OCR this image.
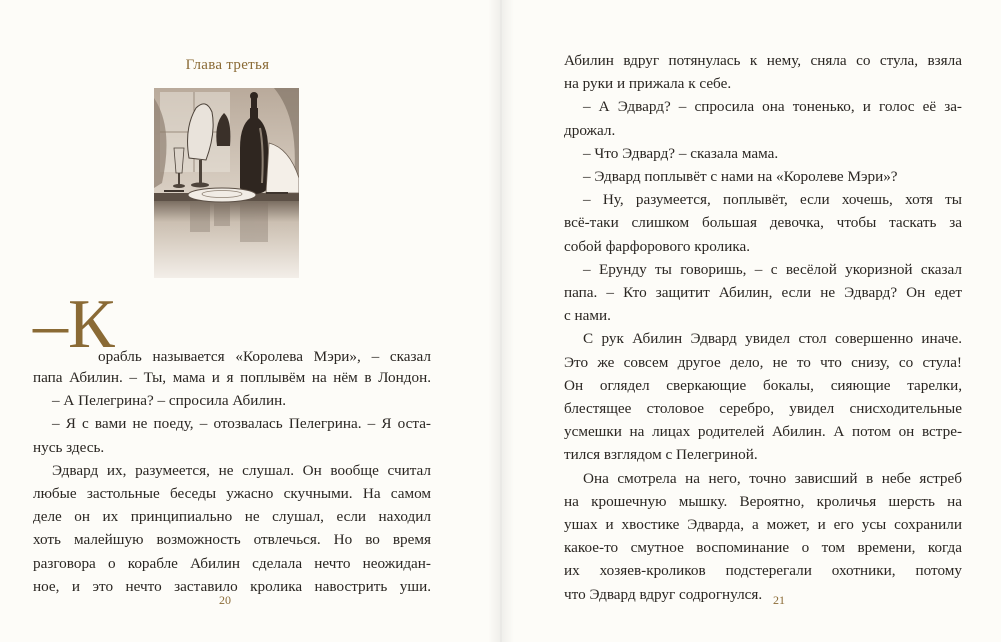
Глава третья
–К
орабль называется «Королева Мэри», – сказал
папа Абилин. – Ты, мама и я поплывём на нём в Лондон.
– А Пелегрина? – спросила Абилин.
– Я с вами не поеду, – отозвалась Пелегрина. – Я оста-
нусь здесь.
Эдвард их, разумеется, не слушал. Он вообще считал
любые застольные беседы ужасно скучными. На самом
деле он их принципиально не слушал, если находил
хоть малейшую возможность отвлечься. Но во время
разговора о корабле Абилин сделала нечто неожидан-
ное, и это нечто заставило кролика навострить уши.
20
Абилин вдруг потянулась к нему, сняла со стула, взяла
на руки и прижала к себе.
– А Эдвард? – спросила она тоненько, и голос её за-
дрожал.
– Что Эдвард? – сказала мама.
– Эдвард поплывёт с нами на «Королеве Мэри»?
– Ну, разумеется, поплывёт, если хочешь, хотя ты
всё-таки слишком большая девочка, чтобы таскать за
собой фарфорового кролика.
– Ерунду ты говоришь, – с весёлой укоризной сказал
папа. – Кто защитит Абилин, если не Эдвард? Он едет
с нами.
С рук Абилин Эдвард увидел стол совершенно иначе.
Это же совсем другое дело, не то что снизу, со стула!
Он оглядел сверкающие бокалы, сияющие тарелки,
блестящее столовое серебро, увидел снисходительные
усмешки на лицах родителей Абилин. А потом он встре-
тился взглядом с Пелегриной.
Она смотрела на него, точно зависший в небе ястреб
на крошечную мышку. Вероятно, кроличья шерсть на
ушах и хвостике Эдварда, а может, и его усы сохранили
какое-то смутное воспоминание о том времени, когда
их хозяев-кроликов подстерегали охотники, потому
что Эдвард вдруг содрогнулся. 21
